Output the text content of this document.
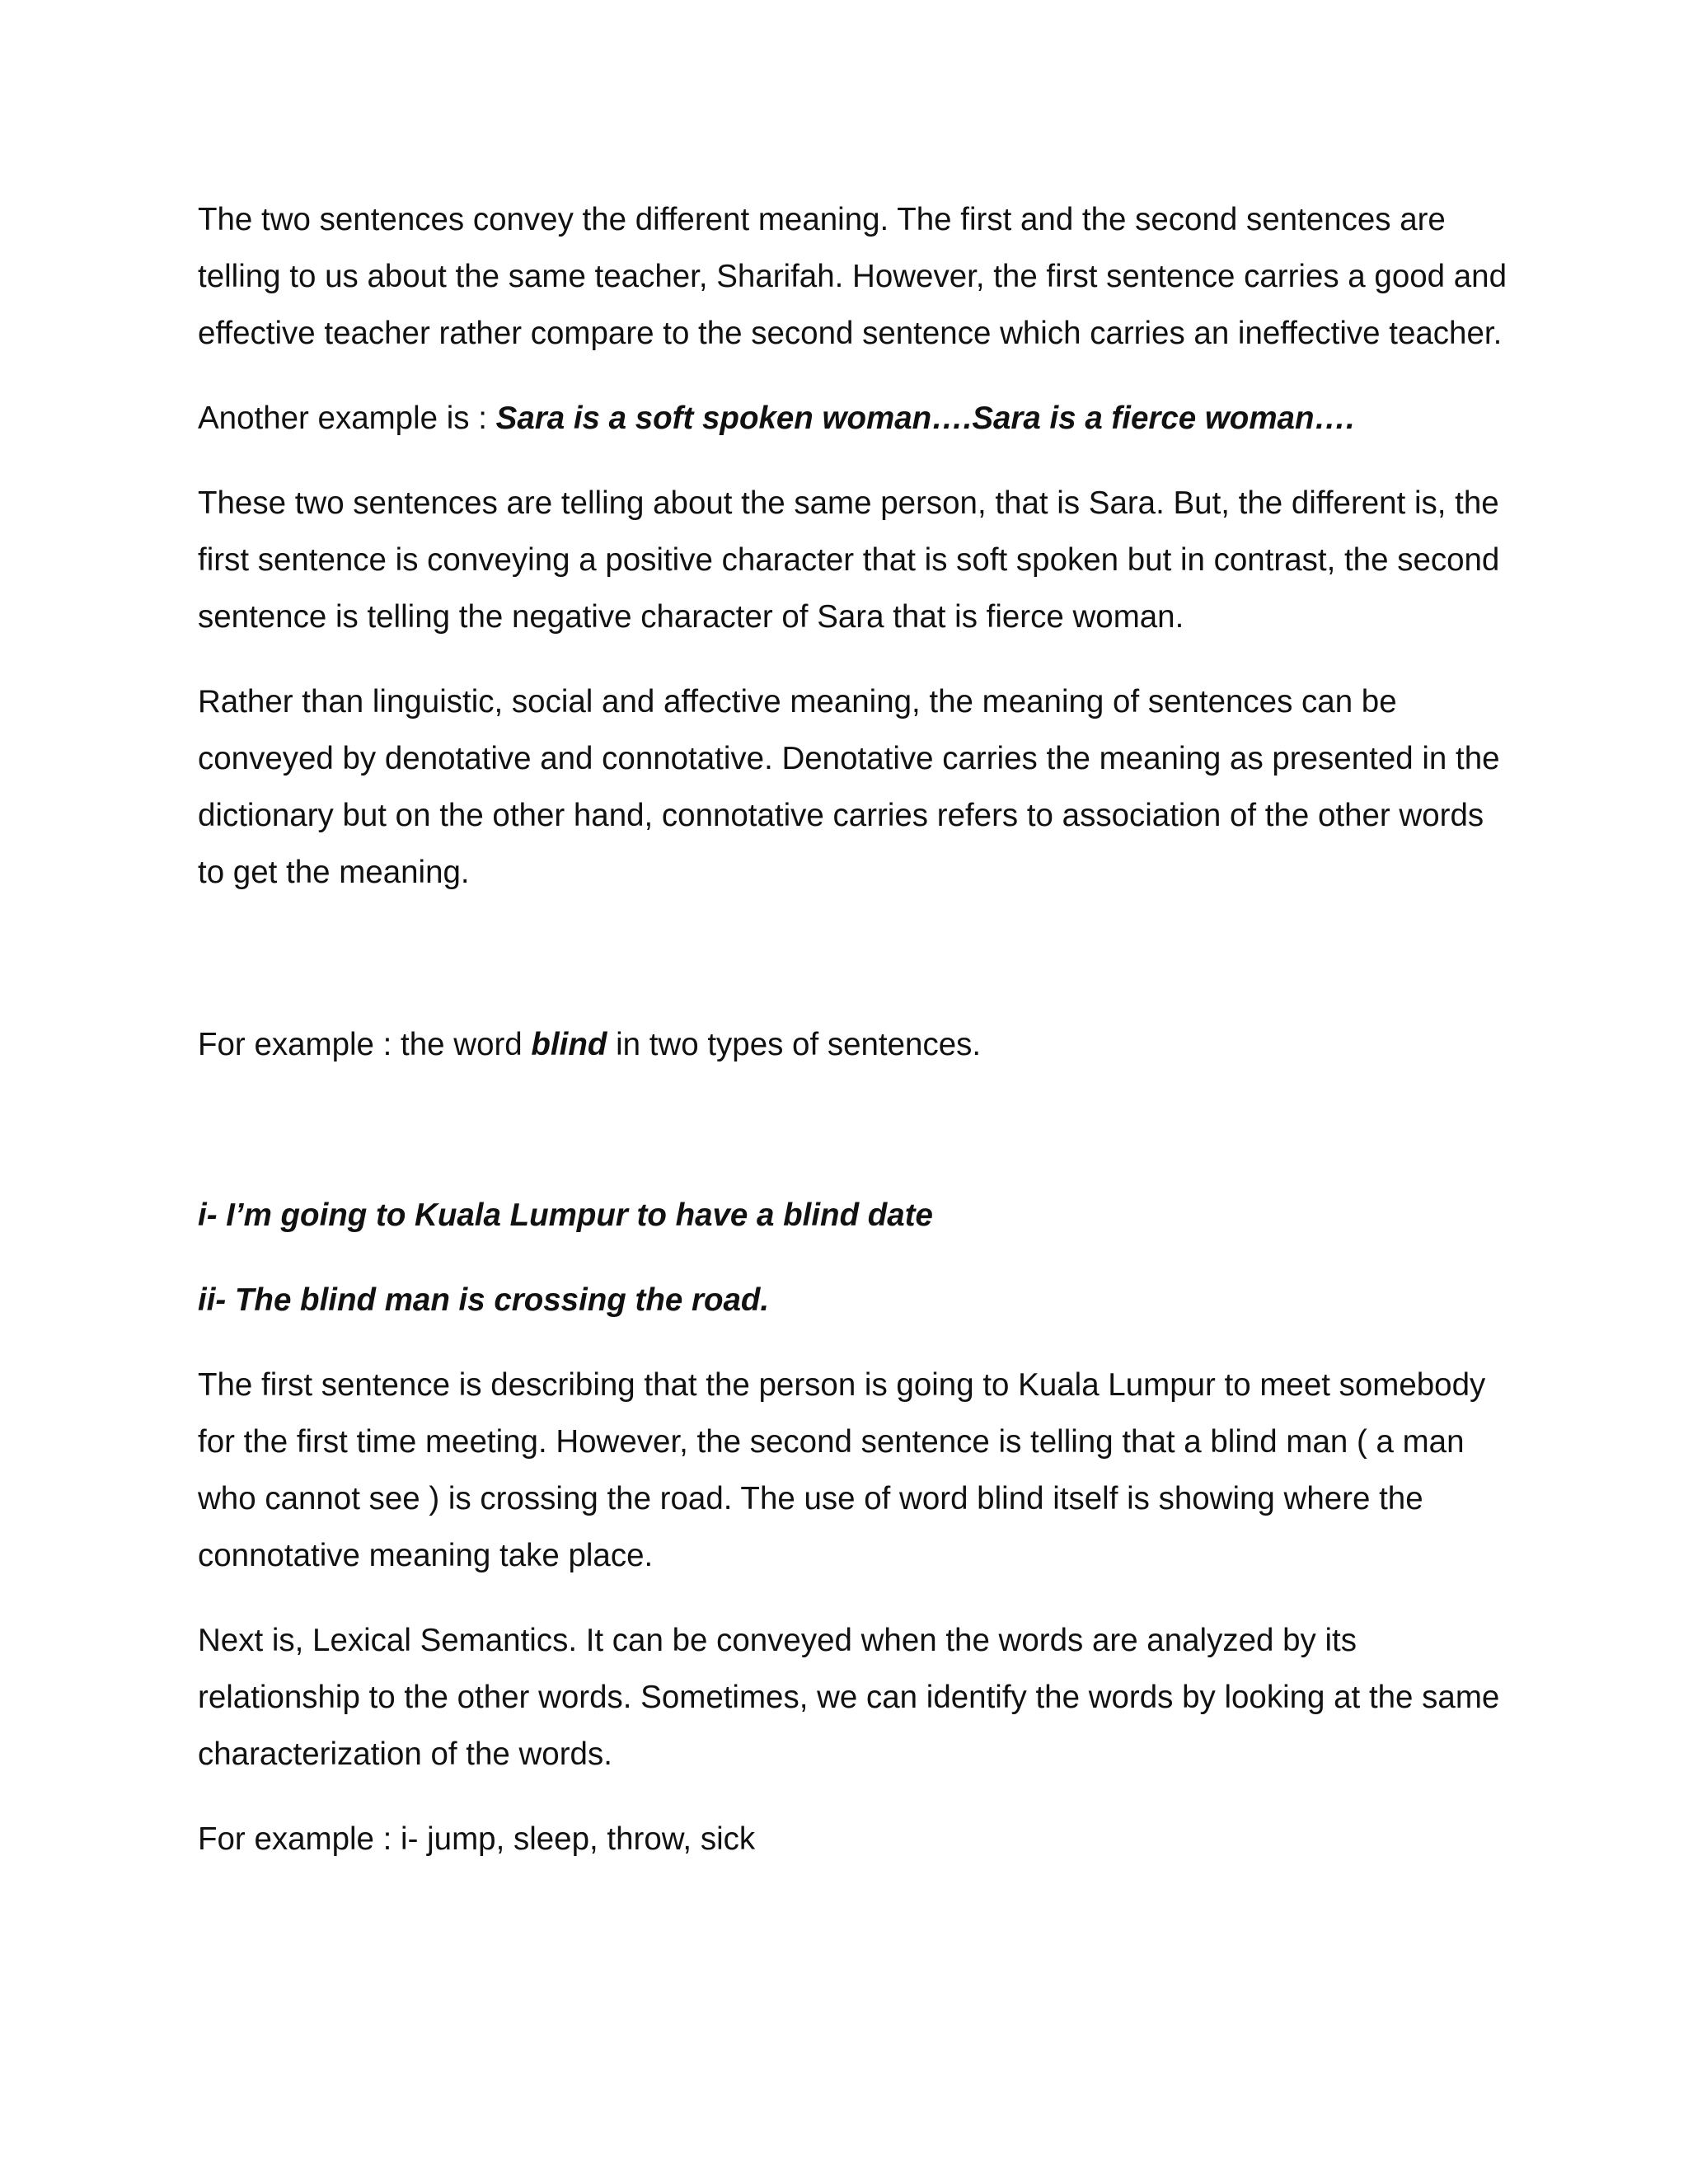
The two sentences convey the different meaning. The first and the second sentences are telling to us about the same teacher, Sharifah. However, the first sentence carries a good and effective teacher rather compare to the second sentence which carries an ineffective teacher.

Another example is : Sara is a soft spoken woman….Sara is a fierce woman….

These two sentences are telling about the same person, that is Sara. But, the different is, the first sentence is conveying a positive character that is soft spoken but in contrast, the second sentence is telling the negative character of Sara that is fierce woman.

Rather than linguistic, social and affective meaning, the meaning of sentences can be conveyed by denotative and connotative. Denotative carries the meaning as presented in the dictionary but on the other hand, connotative carries refers to association of the other words to get the meaning.

For example : the word blind in two types of sentences.

i- I’m going to Kuala Lumpur to have a blind date

ii- The blind man is crossing the road.

The first sentence is describing that the person is going to Kuala Lumpur to meet somebody for the first time meeting. However, the second sentence is telling that a blind man ( a man who cannot see ) is crossing the road. The use of word blind itself is showing where the connotative meaning take place.

Next is, Lexical Semantics. It can be conveyed when the words are analyzed by its relationship to the other words. Sometimes, we can identify the words by looking at the same characterization of the words.

For example : i- jump, sleep, throw, sick
